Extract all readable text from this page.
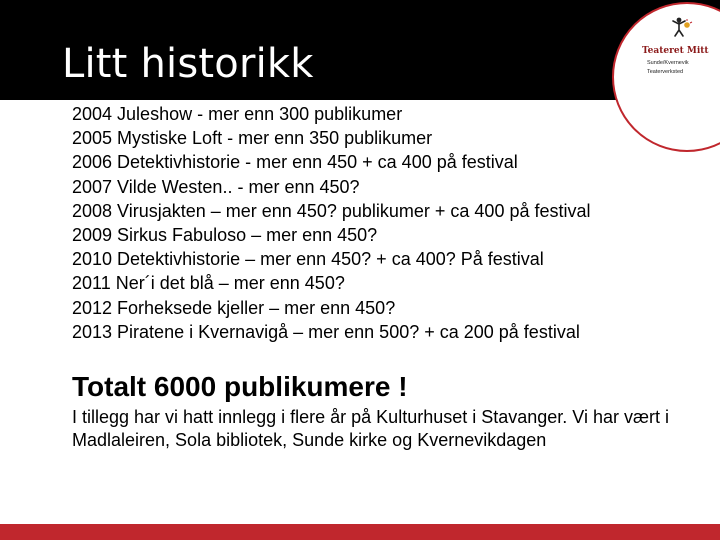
Litt historikk	Teateret Mitt
Sunde/Kvernevik
Teaterverksted
2004 Juleshow - mer enn 300 publikumer
2005 Mystiske Loft - mer enn 350 publikumer
2006 Detektivhistorie - mer enn 450 + ca 400 på festival
2007 Vilde Westen.. - mer enn 450?
2008 Virusjakten – mer enn 450? publikumer + ca 400 på festival
2009 Sirkus Fabuloso – mer enn 450?
2010 Detektivhistorie – mer enn 450? + ca 400? På festival
2011 Ner´i det blå – mer enn 450?
2012 Forheksede kjeller – mer enn 450?
2013 Piratene i Kvernavigå – mer enn 500? + ca 200 på festival
Totalt 6000 publikumere !
I tillegg har vi hatt innlegg i flere år på Kulturhuset i Stavanger. Vi har vært i Madlaleiren, Sola bibliotek, Sunde kirke og Kvernevikdagen
